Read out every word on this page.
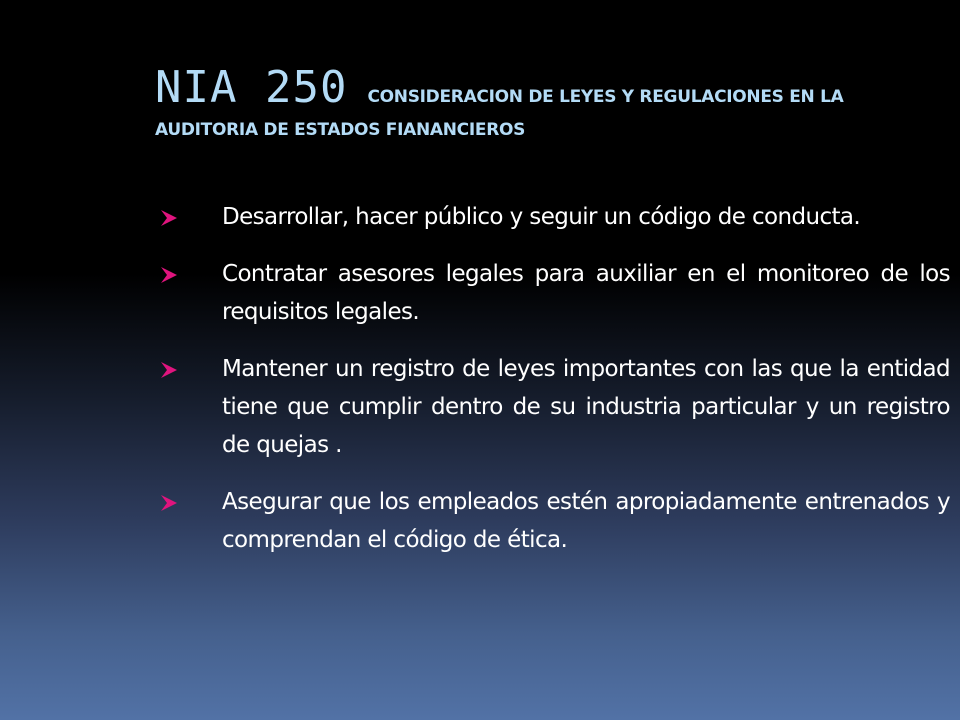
NIA 250 CONSIDERACION DE LEYES Y REGULACIONES EN LA
AUDITORIA DE ESTADOS FIANANCIEROS
Desarrollar, hacer público y seguir un código de conducta.
Contratar asesores legales para auxiliar en el monitoreo de los requisitos legales.
Mantener un registro de leyes importantes con las que la entidad tiene que cumplir dentro de su industria particular y un registro de quejas .
Asegurar que los empleados estén apropiadamente entrenados y comprendan el código de ética.
